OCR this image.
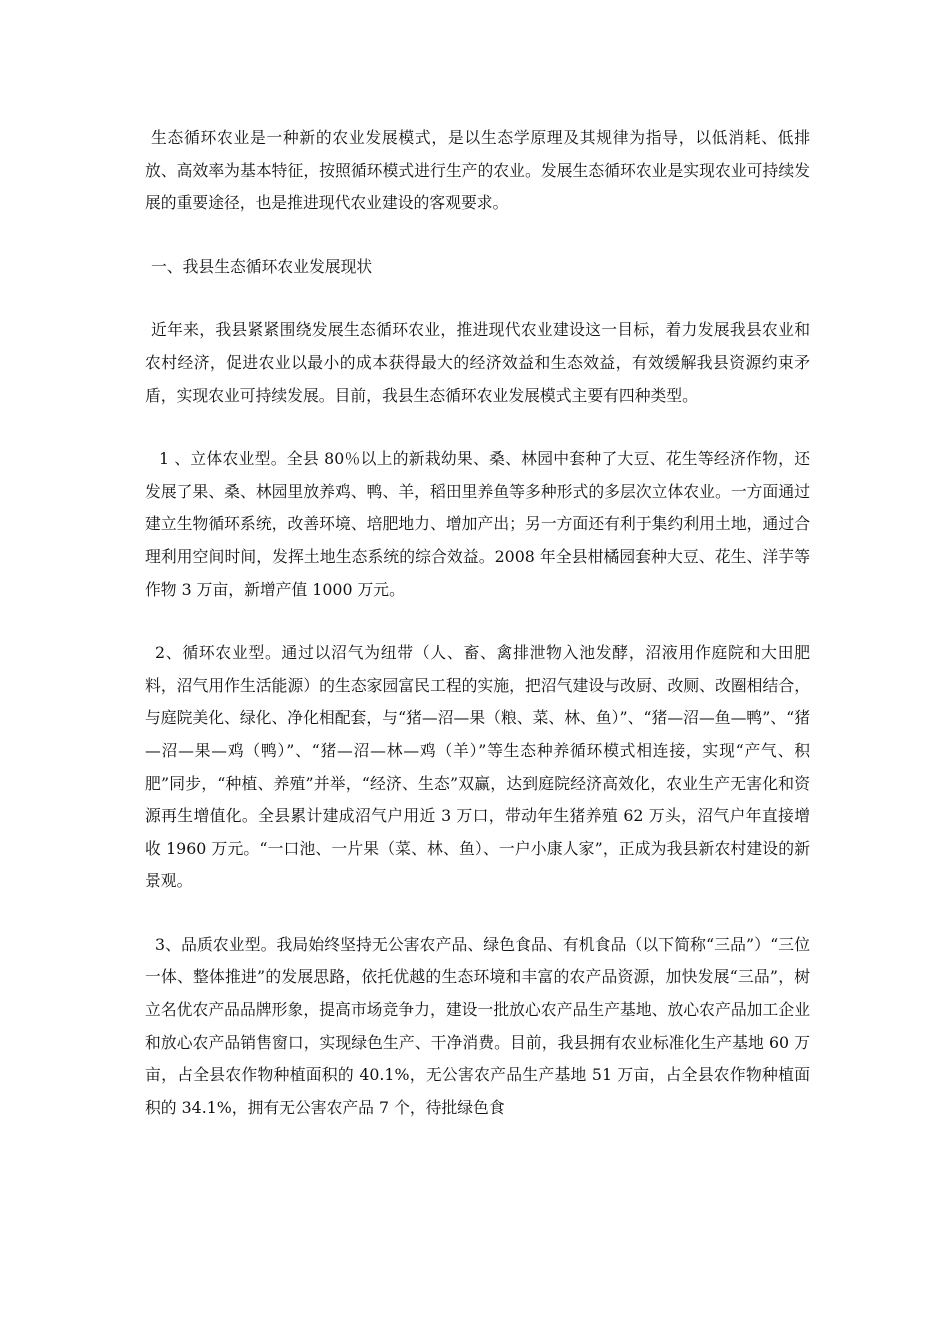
生态循环农业是一种新的农业发展模式，是以生态学原理及其规律为指导，以低消耗、低排放、高效率为基本特征，按照循环模式进行生产的农业。发展生态循环农业是实现农业可持续发展的重要途径，也是推进现代农业建设的客观要求。

一、我县生态循环农业发展现状

近年来，我县紧紧围绕发展生态循环农业，推进现代农业建设这一目标，着力发展我县农业和农村经济，促进农业以最小的成本获得最大的经济效益和生态效益，有效缓解我县资源约束矛盾，实现农业可持续发展。目前，我县生态循环农业发展模式主要有四种类型。

1 、立体农业型。全县 80％以上的新栽幼果、桑、林园中套种了大豆、花生等经济作物，还发展了果、桑、林园里放养鸡、鸭、羊，稻田里养鱼等多种形式的多层次立体农业。一方面通过建立生物循环系统，改善环境、培肥地力、增加产出；另一方面还有利于集约利用土地，通过合理利用空间时间，发挥土地生态系统的综合效益。2008 年全县柑橘园套种大豆、花生、洋芋等作物 3 万亩，新增产值 1000 万元。

2、循环农业型。通过以沼气为纽带（人、畜、禽排泄物入池发酵，沼液用作庭院和大田肥料，沼气用作生活能源）的生态家园富民工程的实施，把沼气建设与改厨、改厕、改圈相结合，与庭院美化、绿化、净化相配套，与“猪—沼—果（粮、菜、林、鱼）”、“猪—沼—鱼—鸭”、“猪—沼—果—鸡（鸭）”、“猪—沼—林—鸡（羊）”等生态种养循环模式相连接，实现“产气、积肥”同步，“种植、养殖”并举，“经济、生态”双赢，达到庭院经济高效化，农业生产无害化和资源再生增值化。全县累计建成沼气户用近 3 万口，带动年生猪养殖 62 万头，沼气户年直接增收 1960 万元。“一口池、一片果（菜、林、鱼）、一户小康人家”，正成为我县新农村建设的新景观。

3、品质农业型。我局始终坚持无公害农产品、绿色食品、有机食品（以下简称“三品”）“三位一体、整体推进”的发展思路，依托优越的生态环境和丰富的农产品资源，加快发展“三品”，树立名优农产品品牌形象，提高市场竞争力，建设一批放心农产品生产基地、放心农产品加工企业和放心农产品销售窗口，实现绿色生产、干净消费。目前，我县拥有农业标准化生产基地 60 万亩，占全县农作物种植面积的 40.1%，无公害农产品生产基地 51 万亩，占全县农作物种植面积的 34.1%，拥有无公害农产品 7 个，待批绿色食
